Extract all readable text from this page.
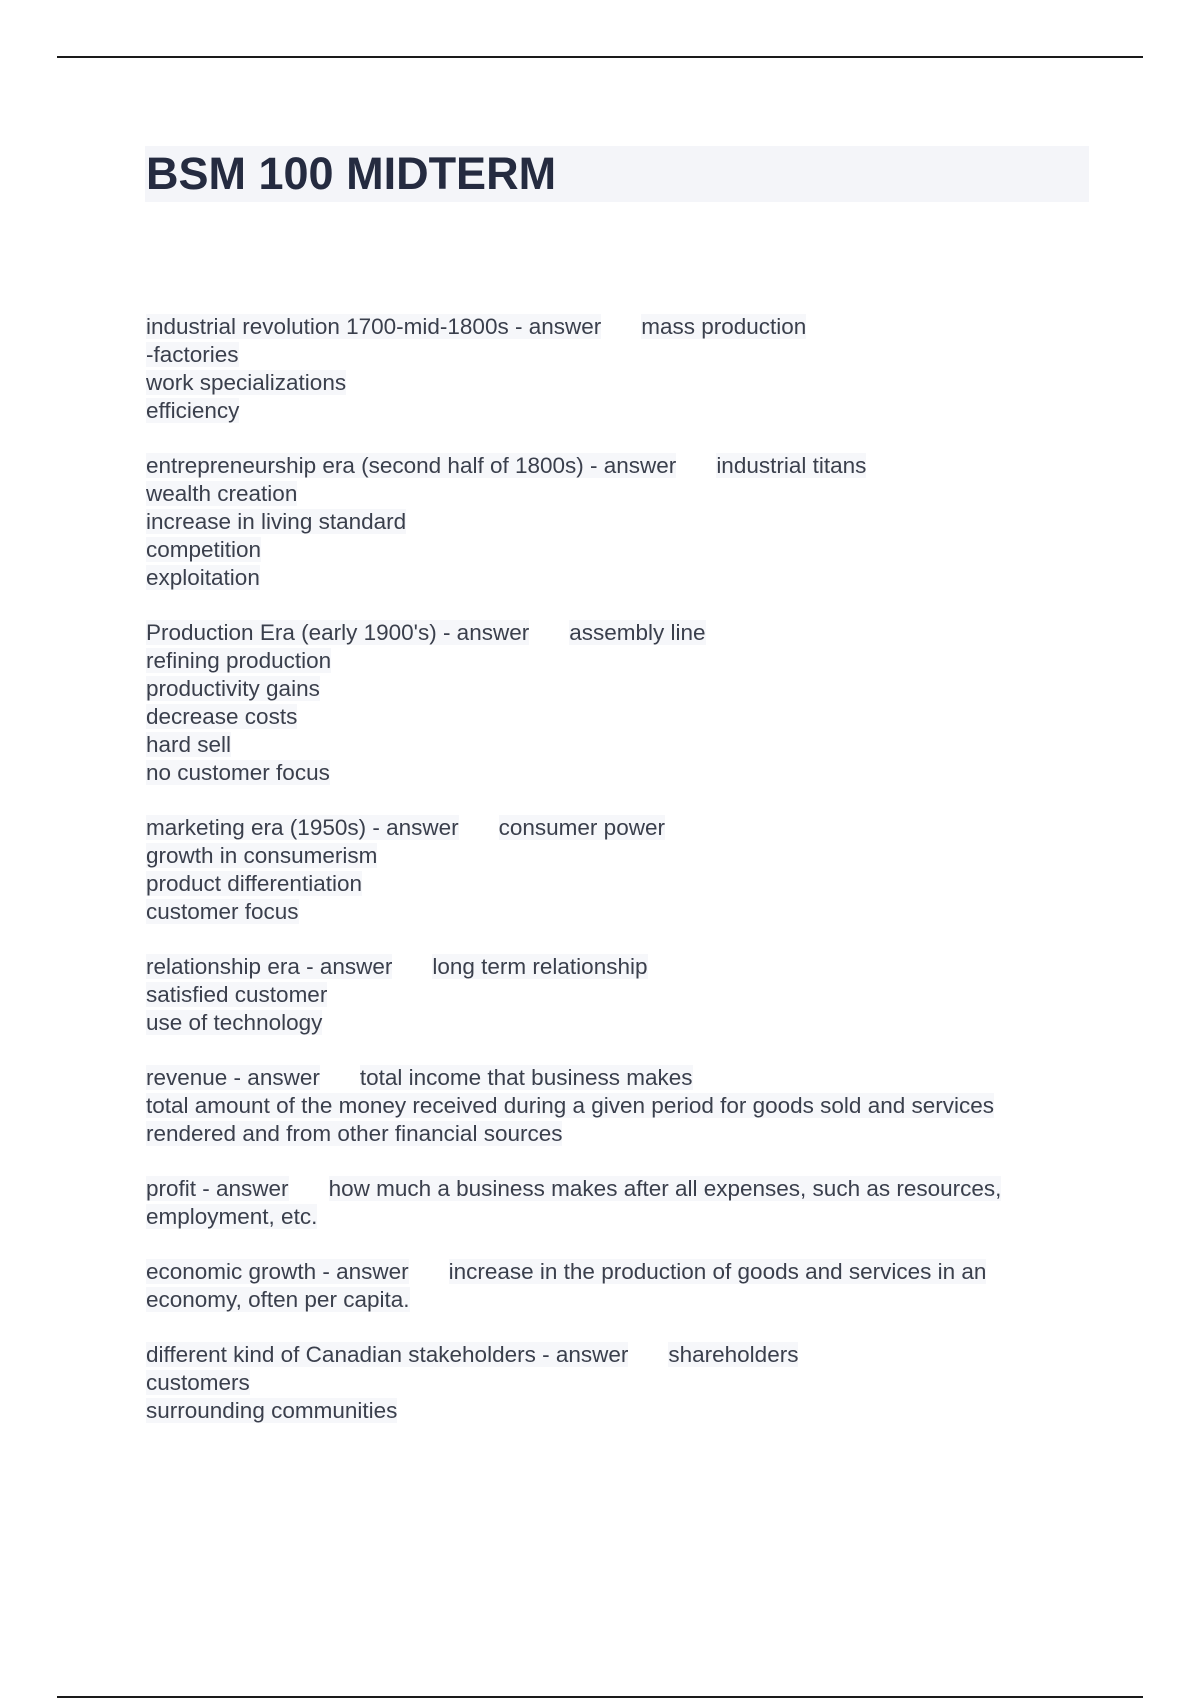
BSM 100 MIDTERM
industrial revolution 1700-mid-1800s - answer mass production
-factories
work specializations
efficiency
entrepreneurship era (second half of 1800s) - answer industrial titans
wealth creation
increase in living standard
competition
exploitation
Production Era (early 1900's) - answer assembly line
refining production
productivity gains
decrease costs
hard sell
no customer focus
marketing era (1950s) - answer consumer power
growth in consumerism
product differentiation
customer focus
relationship era - answer long term relationship
satisfied customer
use of technology
revenue - answer total income that business makes
total amount of the money received during a given period for goods sold and services
rendered and from other financial sources
profit - answer how much a business makes after all expenses, such as resources,
employment, etc.
economic growth - answer increase in the production of goods and services in an
economy, often per capita.
different kind of Canadian stakeholders - answer shareholders
customers
surrounding communities
